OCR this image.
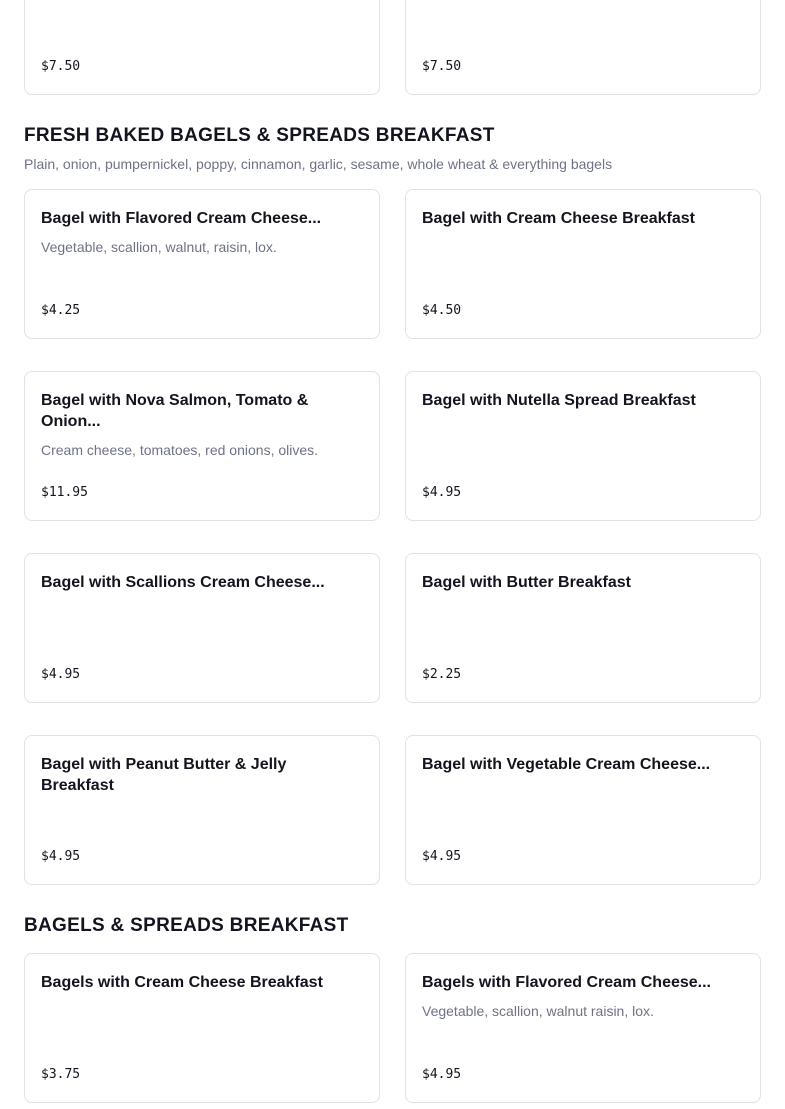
$7.50	$7.50
FRESH BAKED BAGELS & SPREADS BREAKFAST

Plain, onion, pumpernickel, poppy, cinnamon, garlic, sesame, whole wheat & everything bagels

Bagel with Flavored Cream Cheese...

Vegetable, scallion, walnut, raisin, lox.

$4.25
Bagel with Cream Cheese Breakfast
$4.50
Bagel with Nova Salmon, Tomato & Onion...

Cream cheese, tomatoes, red onions, olives.

$11.95
Bagel with Nutella Spread Breakfast
$4.95
Bagel with Scallions Cream Cheese...
$4.95
Bagel with Butter Breakfast
$2.25
Bagel with Peanut Butter & Jelly Breakfast
$4.95
Bagel with Vegetable Cream Cheese...
$4.95
BAGELS & SPREADS BREAKFAST
Bagels with Cream Cheese Breakfast
$3.75
Bagels with Flavored Cream Cheese...

Vegetable, scallion, walnut raisin, lox.

$4.95
